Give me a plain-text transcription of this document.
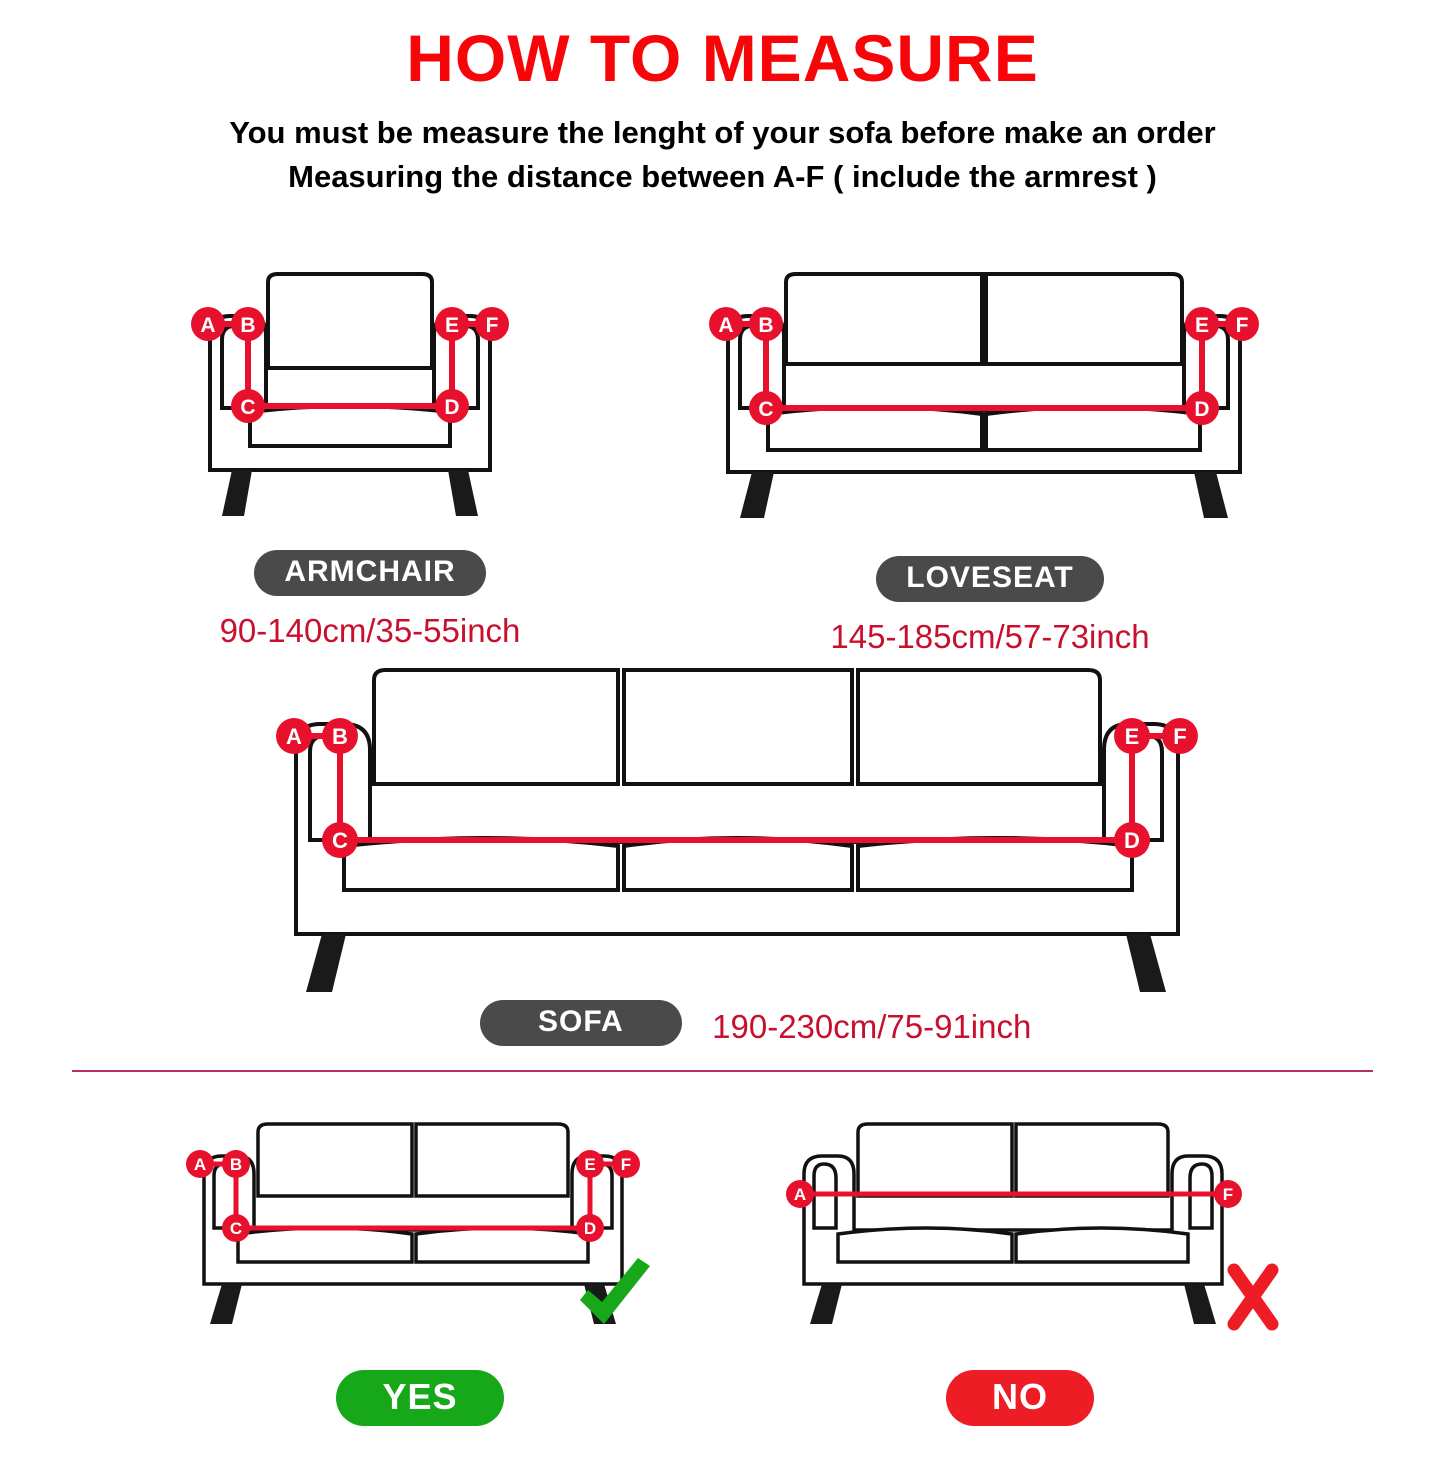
HOW TO MEASURE
You must be measure the lenght of your sofa before make an order
Measuring the distance between A-F ( include the armrest )
A B
C	D
E F
ARMCHAIR
90-140cm/35-55inch
A B
C	D
E F
LOVESEAT
145-185cm/57-73inch
A B
C	D
E F
SOFA	190-230cm/75-91inch
A B
C	D
E F
YES
A	F
NO
